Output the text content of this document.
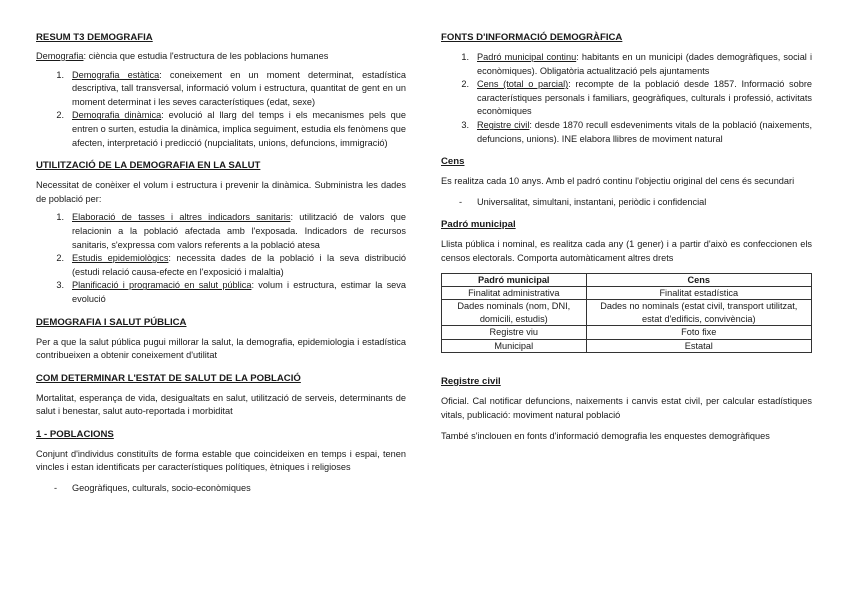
RESUM T3 DEMOGRAFIA

Demografia: ciència que estudia l'estructura de les poblacions humanes

1. Demografia estàtica: coneixement en un moment determinat, estadística descriptiva, tall transversal, informació volum i estructura, quantitat de gent en un moment determinat i les seves característiques (edat, sexe)
2. Demografia dinàmica: evolució al llarg del temps i els mecanismes pels que entren o surten, estudia la dinàmica, implica seguiment, estudia els fenòmens que afecten, interpretació i predicció (nupcialitats, unions, defuncions, immigració)

UTILITZACIÓ DE LA DEMOGRAFIA EN LA SALUT

Necessitat de conèixer el volum i estructura i prevenir la dinàmica. Subministra les dades de població per:

1. Elaboració de tasses i altres indicadors sanitaris: utilització de valors que relacionin a la població afectada amb l'exposada. Indicadors de recursos sanitaris, s'expressa com valors referents a la població atesa
2. Estudis epidemiològics: necessita dades de la població i la seva distribució (estudi relació causa-efecte en l'exposició i malaltia)
3. Planificació i programació en salut pública: volum i estructura, estimar la seva evolució

DEMOGRAFIA I SALUT PÚBLICA

Per a que la salut pública pugui millorar la salut, la demografia, epidemiologia i estadística contribueixen a obtenir coneixement d'utilitat

COM DETERMINAR L'ESTAT DE SALUT DE LA POBLACIÓ

Mortalitat, esperança de vida, desigualtats en salut, utilització de serveis, determinants de salut i benestar, salut auto-reportada i morbiditat

1 - POBLACIONS

Conjunt d'individus constituïts de forma estable que coincideixen en temps i espai, tenen vincles i estan identificats per característiques polítiques, ètniques i religioses

-	Geogràfiques, culturals, socio-econòmiques

FONTS D'INFORMACIÓ DEMOGRÀFICA

1. Padró municipal continu: habitants en un municipi (dades demogràfiques, social i econòmiques). Obligatòria actualització pels ajuntaments
2. Cens (total o parcial): recompte de la població desde 1857. Informació sobre característiques personals i familiars, geogràfiques, culturals i professió, activitats econòmiques
3. Registre civil: desde 1870 recull esdeveniments vitals de la població (naixements, defuncions, unions). INE elabora llibres de moviment natural

Cens

Es realitza cada 10 anys. Amb el padró continu l'objectiu original del cens és secundari

-	Universalitat, simultani, instantani, periòdic i confidencial

Padró municipal

Llista pública i nominal, es realitza cada any (1 gener) i a partir d'això es confeccionen els censos electorals. Comporta automàticament altres drets

Padró municipal	Cens
Finalitat administrativa	Finalitat estadística
Dades nominals (nom, DNI, domicili, estudis)	Dades no nominals (estat civil, transport utilitzat, estat d'edificis, convivència)
Registre viu	Foto fixe
Municipal	Estatal

Registre civil

Oficial. Cal notificar defuncions, naixements i canvis estat civil, per calcular estadístiques vitals, publicació: moviment natural població

També s'inclouen en fonts d'informació demografia les enquestes demogràfiques
